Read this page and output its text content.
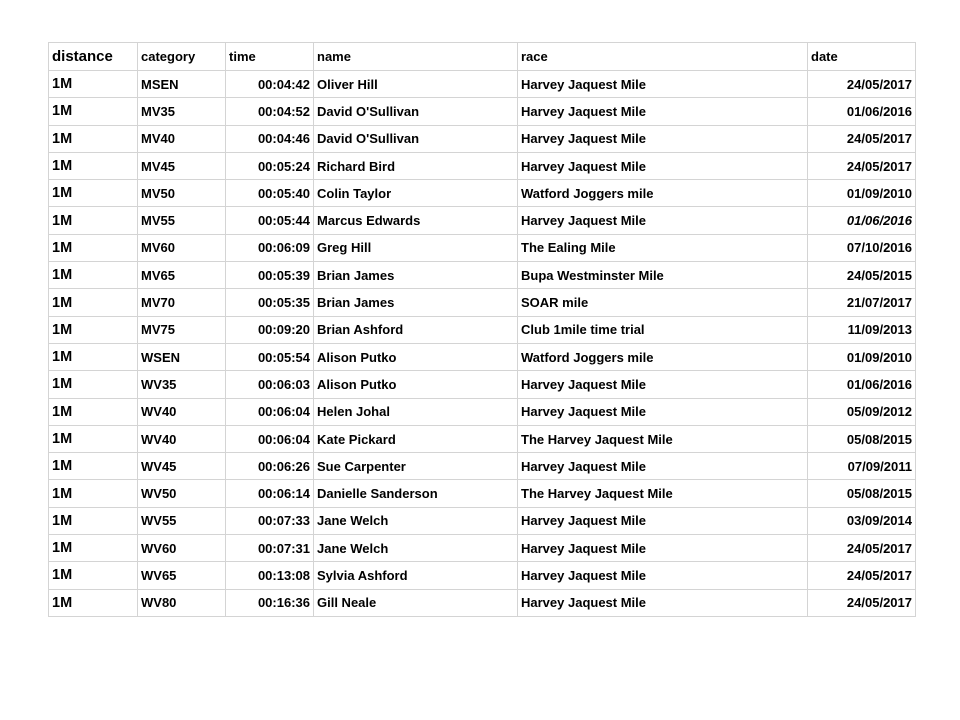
distance	category	time	name	race	date
1M	MSEN	00:04:42	Oliver Hill	Harvey Jaquest Mile	24/05/2017
1M	MV35	00:04:52	David O'Sullivan	Harvey Jaquest Mile	01/06/2016
1M	MV40	00:04:46	David O'Sullivan	Harvey Jaquest Mile	24/05/2017
1M	MV45	00:05:24	Richard Bird	Harvey Jaquest Mile	24/05/2017
1M	MV50	00:05:40	Colin Taylor	Watford Joggers mile	01/09/2010
1M	MV55	00:05:44	Marcus Edwards	Harvey Jaquest Mile	01/06/2016
1M	MV60	00:06:09	Greg Hill	The Ealing Mile	07/10/2016
1M	MV65	00:05:39	Brian James	Bupa Westminster Mile	24/05/2015
1M	MV70	00:05:35	Brian James	SOAR mile	21/07/2017
1M	MV75	00:09:20	Brian Ashford	Club 1mile time trial	11/09/2013
1M	WSEN	00:05:54	Alison Putko	Watford Joggers mile	01/09/2010
1M	WV35	00:06:03	Alison Putko	Harvey Jaquest Mile	01/06/2016
1M	WV40	00:06:04	Helen Johal	Harvey Jaquest Mile	05/09/2012
1M	WV40	00:06:04	Kate Pickard	The Harvey Jaquest Mile	05/08/2015
1M	WV45	00:06:26	Sue Carpenter	Harvey Jaquest Mile	07/09/2011
1M	WV50	00:06:14	Danielle Sanderson	The Harvey Jaquest Mile	05/08/2015
1M	WV55	00:07:33	Jane Welch	Harvey Jaquest Mile	03/09/2014
1M	WV60	00:07:31	Jane Welch	Harvey Jaquest Mile	24/05/2017
1M	WV65	00:13:08	Sylvia Ashford	Harvey Jaquest Mile	24/05/2017
1M	WV80	00:16:36	Gill Neale	Harvey Jaquest Mile	24/05/2017
